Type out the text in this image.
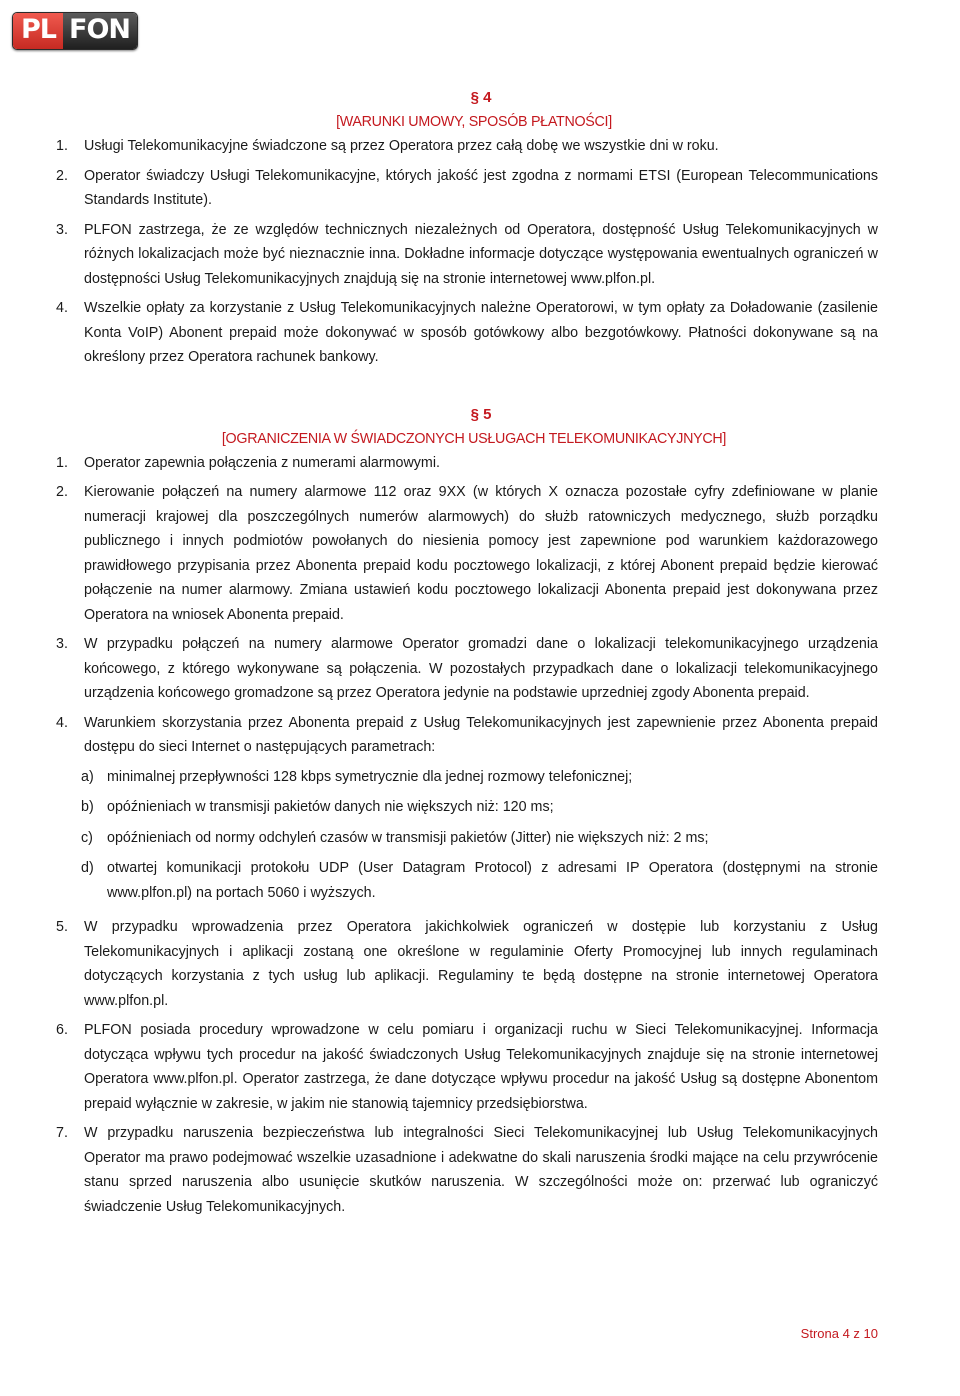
PL FON
§ 4
[WARUNKI UMOWY, SPOSÓB PŁATNOŚCI]
1.	Usługi Telekomunikacyjne świadczone są przez Operatora przez całą dobę we wszystkie dni w roku.
2.	Operator świadczy Usługi Telekomunikacyjne, których jakość jest zgodna z normami ETSI (European Telecommunications Standards Institute).
3.	PLFON zastrzega, że ze względów technicznych niezależnych od Operatora, dostępność Usług Telekomunikacyjnych w różnych lokalizacjach może być nieznacznie inna. Dokładne informacje dotyczące występowania ewentualnych ograniczeń w dostępności Usług Telekomunikacyjnych znajdują się na stronie internetowej www.plfon.pl.
4.	Wszelkie opłaty za korzystanie z Usług Telekomunikacyjnych należne Operatorowi, w tym opłaty za Doładowanie (zasilenie Konta VoIP) Abonent prepaid może dokonywać w sposób gotówkowy albo bezgotówkowy. Płatności dokonywane są na określony przez Operatora rachunek bankowy.
§ 5
[OGRANICZENIA W ŚWIADCZONYCH USŁUGACH TELEKOMUNIKACYJNYCH]
1.	Operator zapewnia połączenia z numerami alarmowymi.
2.	Kierowanie połączeń na numery alarmowe 112 oraz 9XX (w których X oznacza pozostałe cyfry zdefiniowane w planie numeracji krajowej dla poszczególnych numerów alarmowych) do służb ratowniczych medycznego, służb porządku publicznego i innych podmiotów powołanych do niesienia pomocy jest zapewnione pod warunkiem każdorazowego prawidłowego przypisania przez Abonenta prepaid kodu pocztowego lokalizacji, z której Abonent prepaid będzie kierować połączenie na numer alarmowy. Zmiana ustawień kodu pocztowego lokalizacji Abonenta prepaid jest dokonywana przez Operatora na wniosek Abonenta prepaid.
3.	W przypadku połączeń na numery alarmowe Operator gromadzi dane o lokalizacji telekomunikacyjnego urządzenia końcowego, z którego wykonywane są połączenia. W pozostałych przypadkach dane o lokalizacji telekomunikacyjnego urządzenia końcowego gromadzone są przez Operatora jedynie na podstawie uprzedniej zgody Abonenta prepaid.
4.	Warunkiem skorzystania przez Abonenta prepaid z Usług Telekomunikacyjnych jest zapewnienie przez Abonenta prepaid dostępu do sieci Internet o następujących parametrach:
a) minimalnej przepływności 128 kbps symetrycznie dla jednej rozmowy telefonicznej;
b) opóźnieniach w transmisji pakietów danych nie większych niż: 120 ms;
c) opóźnieniach od normy odchyleń czasów w transmisji pakietów (Jitter) nie większych niż: 2 ms;
d) otwartej komunikacji protokołu UDP (User Datagram Protocol) z adresami IP Operatora (dostępnymi na stronie www.plfon.pl) na portach 5060 i wyższych.
5.	W przypadku wprowadzenia przez Operatora jakichkolwiek ograniczeń w dostępie lub korzystaniu z Usług Telekomunikacyjnych i aplikacji zostaną one określone w regulaminie Oferty Promocyjnej lub innych regulaminach dotyczących korzystania z tych usług lub aplikacji. Regulaminy te będą dostępne na stronie internetowej Operatora www.plfon.pl.
6.	PLFON posiada procedury wprowadzone w celu pomiaru i organizacji ruchu w Sieci Telekomunikacyjnej. Informacja dotycząca wpływu tych procedur na jakość świadczonych Usług Telekomunikacyjnych znajduje się na stronie internetowej Operatora www.plfon.pl. Operator zastrzega, że dane dotyczące wpływu procedur na jakość Usług są dostępne Abonentom prepaid wyłącznie w zakresie, w jakim nie stanowią tajemnicy przedsiębiorstwa.
7.	W przypadku naruszenia bezpieczeństwa lub integralności Sieci Telekomunikacyjnej lub Usług Telekomunikacyjnych Operator ma prawo podejmować wszelkie uzasadnione i adekwatne do skali naruszenia środki mające na celu przywrócenie stanu sprzed naruszenia albo usunięcie skutków naruszenia. W szczególności może on: przerwać lub ograniczyć świadczenie Usług Telekomunikacyjnych.
Strona 4 z 10
